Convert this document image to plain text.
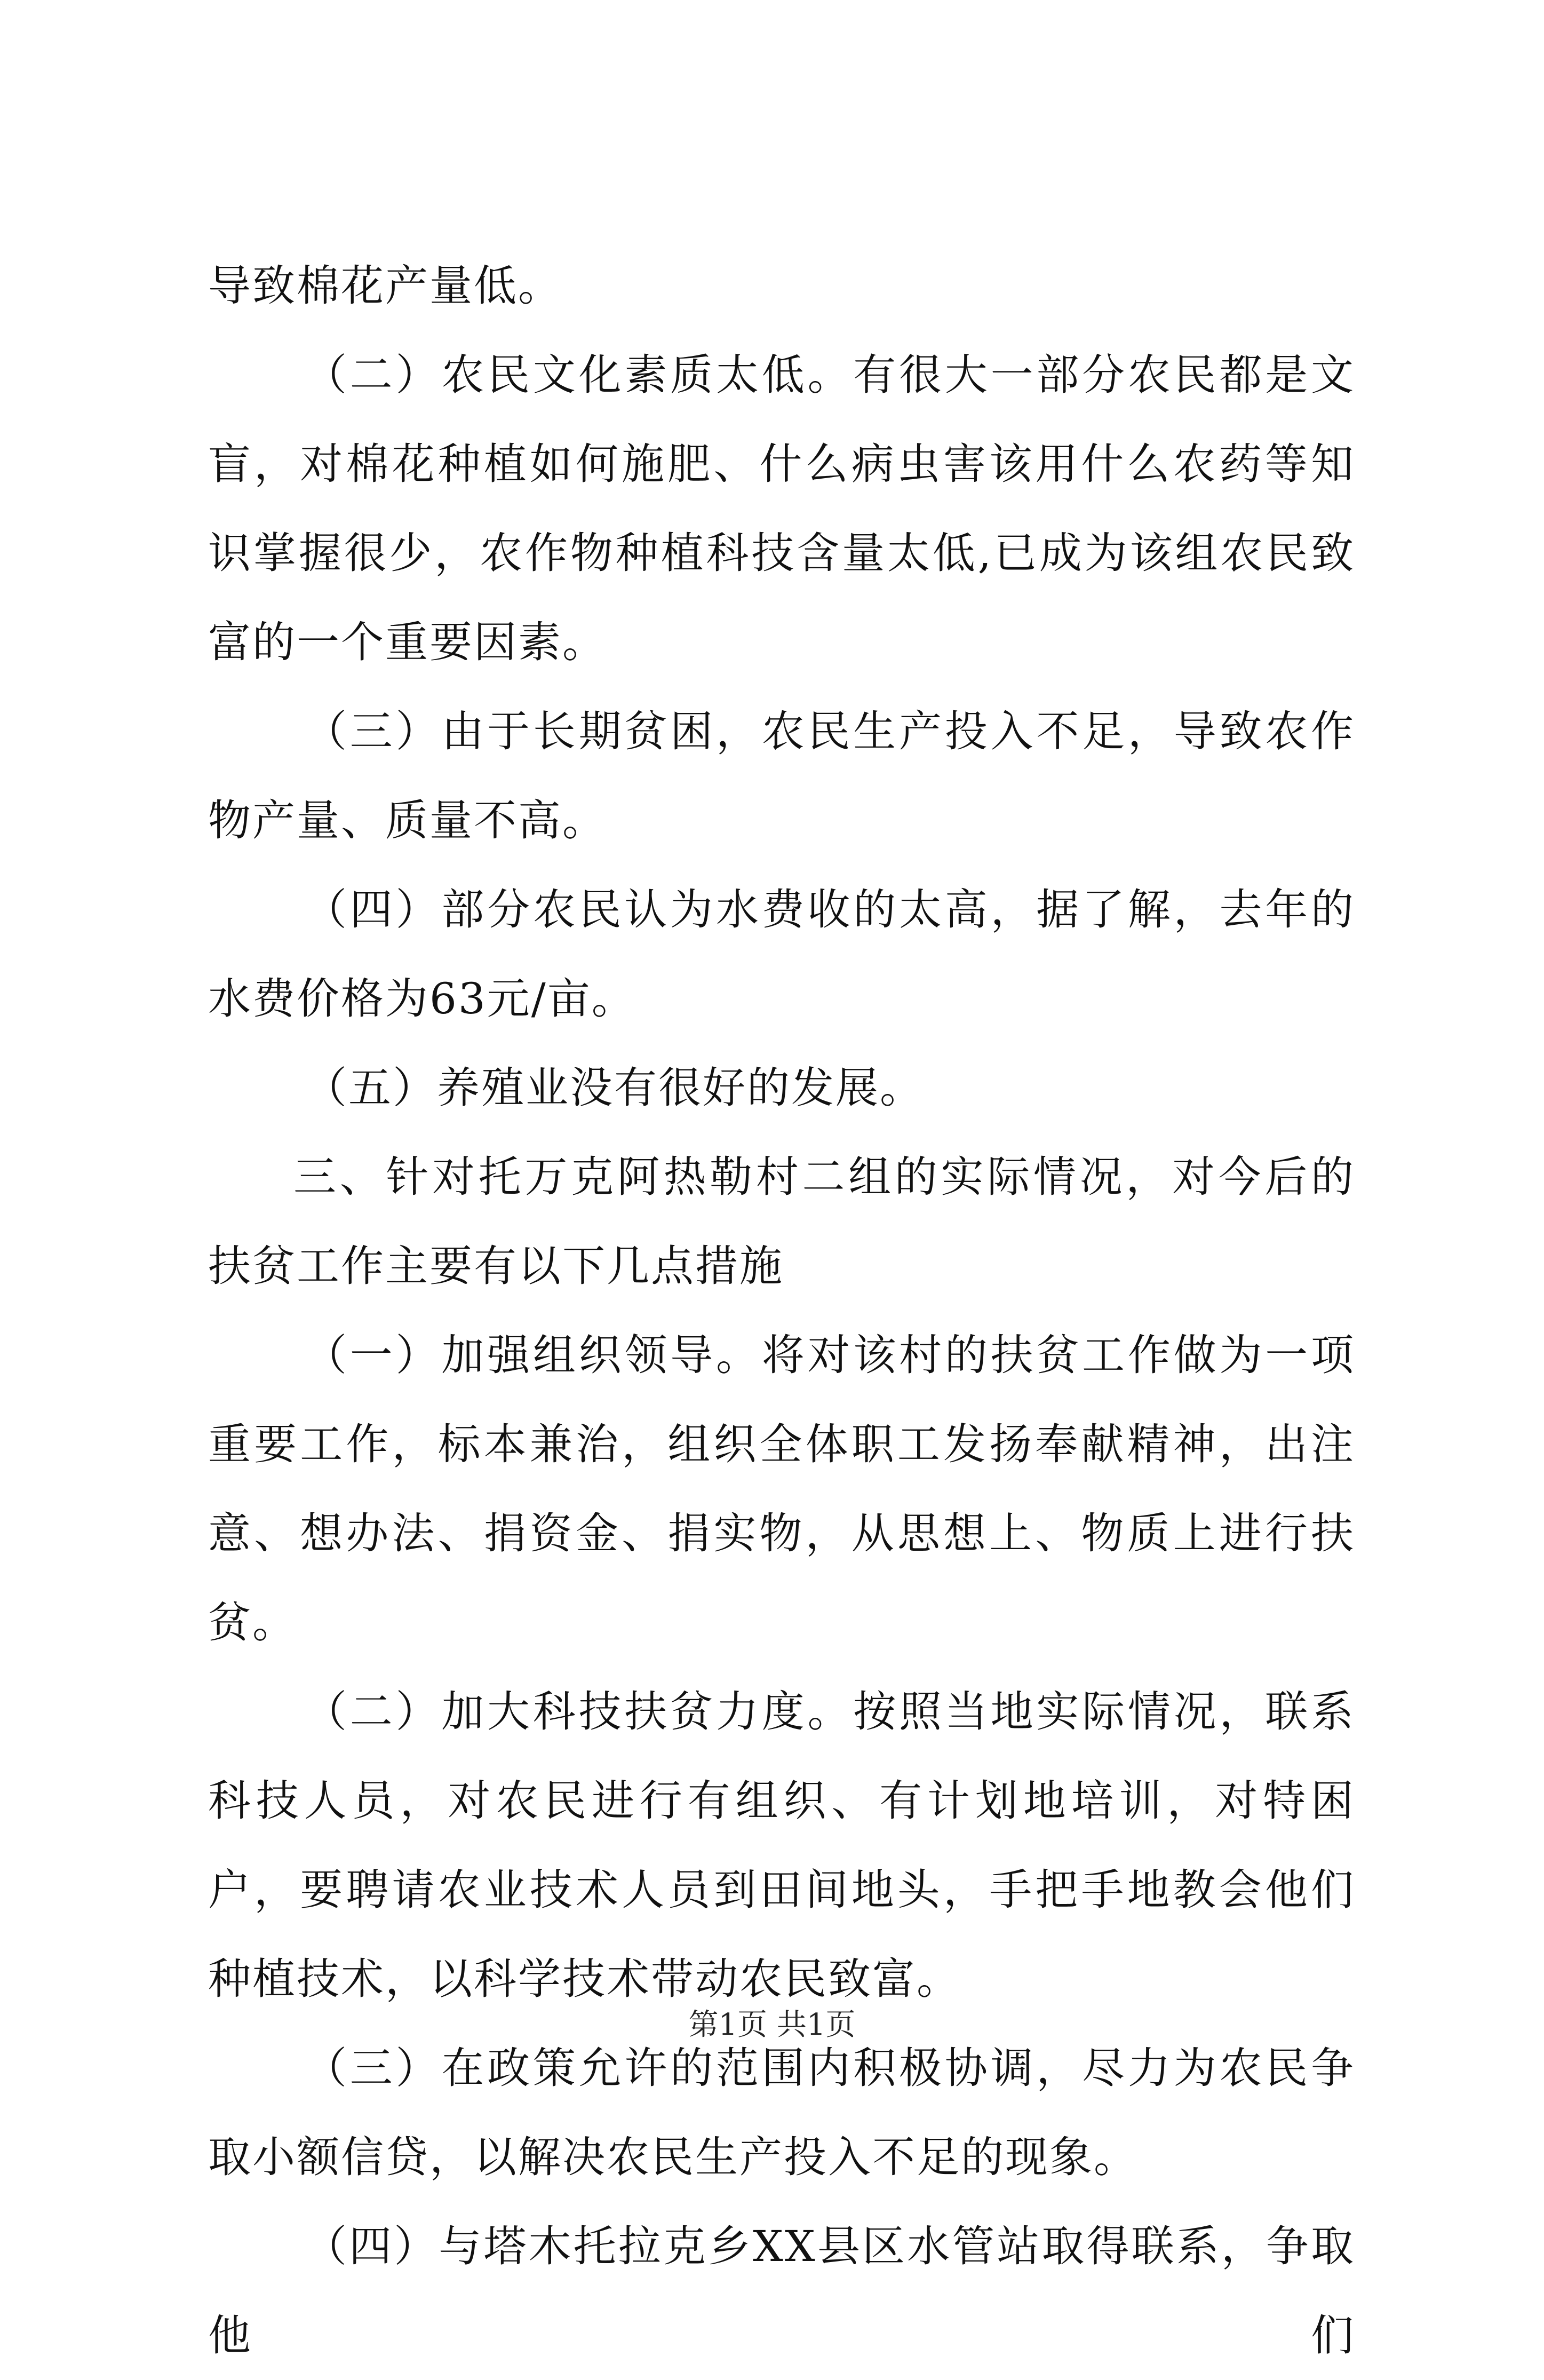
导致棉花产量低。

（二）农民文化素质太低。有很大一部分农民都是文盲，对棉花种植如何施肥、什么病虫害该用什么农药等知识掌握很少，农作物种植科技含量太低,已成为该组农民致富的一个重要因素。

（三）由于长期贫困，农民生产投入不足，导致农作物产量、质量不高。

（四）部分农民认为水费收的太高，据了解，去年的水费价格为63元/亩。

（五）养殖业没有很好的发展。

三、针对托万克阿热勒村二组的实际情况，对今后的扶贫工作主要有以下几点措施

（一）加强组织领导。将对该村的扶贫工作做为一项重要工作，标本兼治，组织全体职工发扬奉献精神，出注意、想办法、捐资金、捐实物，从思想上、物质上进行扶贫。

（二）加大科技扶贫力度。按照当地实际情况，联系科技人员，对农民进行有组织、有计划地培训，对特困户，要聘请农业技术人员到田间地头，手把手地教会他们种植技术，以科学技术带动农民致富。

（三）在政策允许的范围内积极协调，尽力为农民争取小额信贷，以解决农民生产投入不足的现象。

（四）与塔木托拉克乡XX县区水管站取得联系，争取他们

第1页 共1页
